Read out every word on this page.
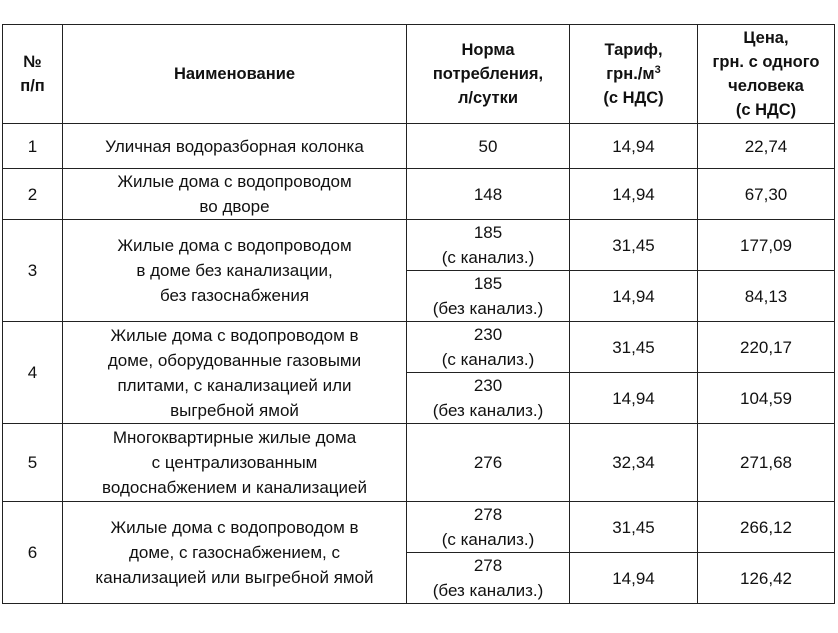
№
п/п	Наименование	Норма
потребления,
л/сутки	Тариф,
$грн./м^3$
(с НДС)	Цена,
грн. с одного
человека
(с НДС)

1	Уличная водоразборная колонка	50	14,94	22,74
2	Жилые дома с водопроводом
во дворе	148	14,94	67,30
3	Жилые дома с водопроводом
в доме без канализации,
без газоснабжения	185
(с канализ.)	31,45	177,09

		185
(без канализ.)	14,94	84,13
4	Жилые дома с водопроводом в
доме, оборудованные газовыми
плитами, с канализацией или
выгребной ямой	230
(с канализ.)	31,45	220,17

		230
(без канализ.)	14,94	104,59
5	Многоквартирные жилые дома
с централизованным
водоснабжением и канализацией	276	32,34	271,68
6	Жилые дома с водопроводом в
доме, с газоснабжением, с
канализацией или выгребной ямой	278
(с канализ.)	31,45	266,12

		278
(без канализ.)	14,94	126,42
